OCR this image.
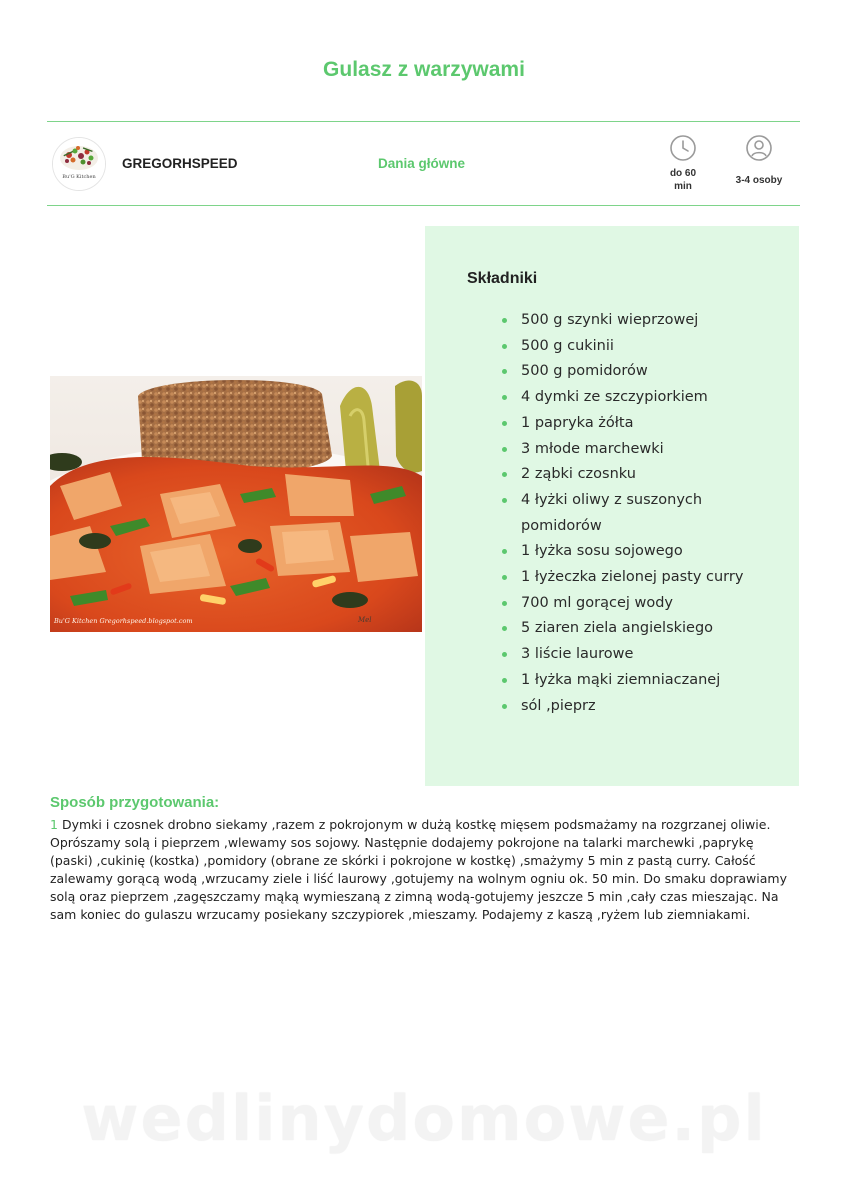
Gulasz z warzywami
Bu'G Kitchen
GREGORHSPEED	Dania główne
do 60 min
3-4 osoby
Bu'G Kitchen Gregorhspeed.blogspot.com	Mel
Składniki
500 g szynki wieprzowej
500 g cukinii
500 g pomidorów
4 dymki ze szczypiorkiem
1 papryka żółta
3 młode marchewki
2 ząbki czosnku
4 łyżki oliwy z suszonych pomidorów
1 łyżka sosu sojowego
1 łyżeczka zielonej pasty curry
700 ml gorącej wody
5 ziaren ziela angielskiego
3 liście laurowe
1 łyżka mąki ziemniaczanej
sól ,pieprz
Sposób przygotowania:
1 Dymki i czosnek drobno siekamy ,razem z pokrojonym w dużą kostkę mięsem podsmażamy na rozgrzanej oliwie. Oprószamy solą i pieprzem ,wlewamy sos sojowy. Następnie dodajemy pokrojone na talarki marchewki ,paprykę (paski) ,cukinię (kostka) ,pomidory (obrane ze skórki i pokrojone w kostkę) ,smażymy 5 min z pastą curry. Całość zalewamy gorącą wodą ,wrzucamy ziele i liść laurowy ,gotujemy na wolnym ogniu ok. 50 min. Do smaku doprawiamy solą oraz pieprzem ,zagęszczamy mąką wymieszaną z zimną wodą-gotujemy jeszcze 5 min ,cały czas mieszając. Na sam koniec do gulaszu wrzucamy posiekany szczypiorek ,mieszamy. Podajemy z kaszą ,ryżem lub ziemniakami.
wedlinydomowe.pl
